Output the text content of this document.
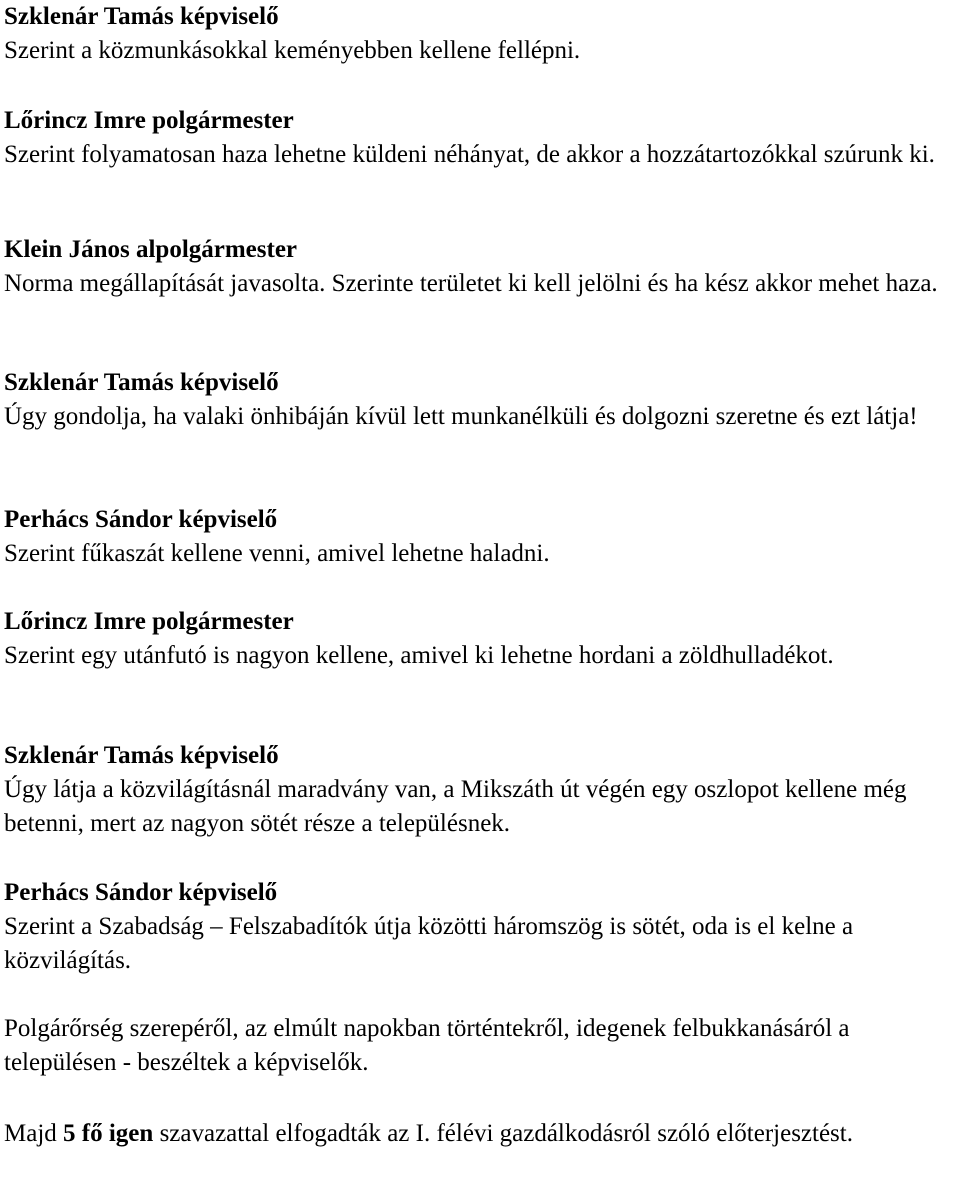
Szklenár Tamás képviselő
Szerint a közmunkásokkal keményebben kellene fellépni.
Lőrincz Imre polgármester
Szerint folyamatosan haza lehetne küldeni néhányat, de akkor a hozzátartozókkal szúrunk ki.
Klein János alpolgármester
Norma megállapítását javasolta. Szerinte területet ki kell jelölni és ha kész akkor mehet haza.
Szklenár Tamás képviselő
Úgy gondolja, ha valaki önhibáján kívül lett munkanélküli és dolgozni szeretne és ezt látja!
Perhács Sándor képviselő
Szerint fűkaszát kellene venni, amivel lehetne haladni.
Lőrincz Imre polgármester
Szerint egy utánfutó is nagyon kellene, amivel ki lehetne hordani a zöldhulladékot.
Szklenár Tamás képviselő
Úgy látja a közvilágításnál maradvány van, a Mikszáth út végén egy oszlopot kellene még betenni, mert az nagyon sötét része a településnek.
Perhács Sándor képviselő
Szerint a Szabadság – Felszabadítók útja közötti háromszög is sötét, oda is el kelne a közvilágítás.
Polgárőrség szerepéről, az elmúlt napokban történtekről, idegenek felbukkanásáról a településen - beszéltek a képviselők.
Majd 5 fő igen szavazattal elfogadták az I. félévi gazdálkodásról szóló előterjesztést.
